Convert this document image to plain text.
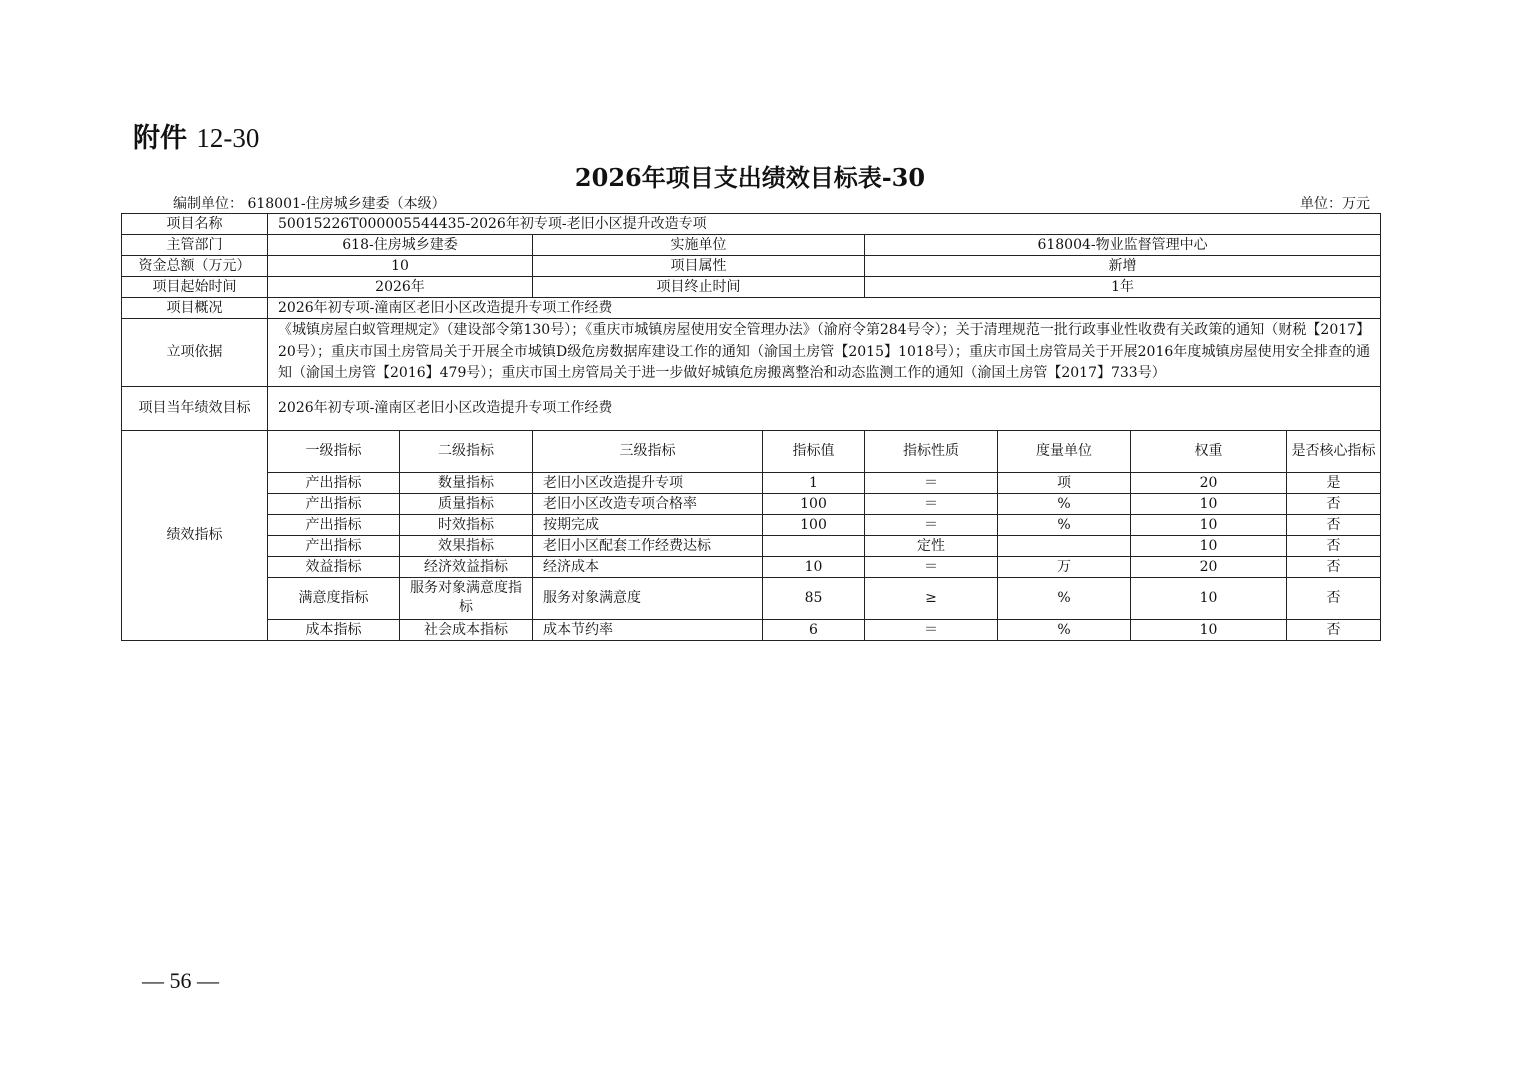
附件 12-30
2026年项目支出绩效目标表-30
编制单位： 618001-住房城乡建委（本级）	单位：万元
项目名称	50015226T000005544435-2026年初专项-老旧小区提升改造专项							
主管部门	618-住房城乡建委		实施单位		618004-物业监督管理中心			
资金总额（万元）	10		项目属性		新增			
项目起始时间	2026年		项目终止时间		1年			
项目概况	2026年初专项-潼南区老旧小区改造提升专项工作经费							
立项依据	《城镇房屋白蚁管理规定》（建设部令第130号）；《重庆市城镇房屋使用安全管理办法》（渝府令第284号令）；关于清理规范一批行政事业性收费有关政策的通知（财税【2017】20号）；重庆市国土房管局关于开展全市城镇D级危房数据库建设工作的通知（渝国土房管【2015】1018号）；重庆市国土房管局关于开展2016年度城镇房屋使用安全排查的通知（渝国土房管【2016】479号）；重庆市国土房管局关于进一步做好城镇危房搬离整治和动态监测工作的通知（渝国土房管【2017】733号）							
项目当年绩效目标	2026年初专项-潼南区老旧小区改造提升专项工作经费							
绩效指标	一级指标	二级指标	三级指标	指标值	指标性质	度量单位	权重	是否核心指标
	产出指标	数量指标	老旧小区改造提升专项	1	＝	项	20	是
	产出指标	质量指标	老旧小区改造专项合格率	100	＝	%	10	否
	产出指标	时效指标	按期完成	100	＝	%	10	否
	产出指标	效果指标	老旧小区配套工作经费达标		定性		10	否
	效益指标	经济效益指标	经济成本	10	＝	万	20	否
	满意度指标	服务对象满意度指标	服务对象满意度	85	≥	%	10	否
	成本指标	社会成本指标	成本节约率	6	＝	%	10	否
— 56 —
